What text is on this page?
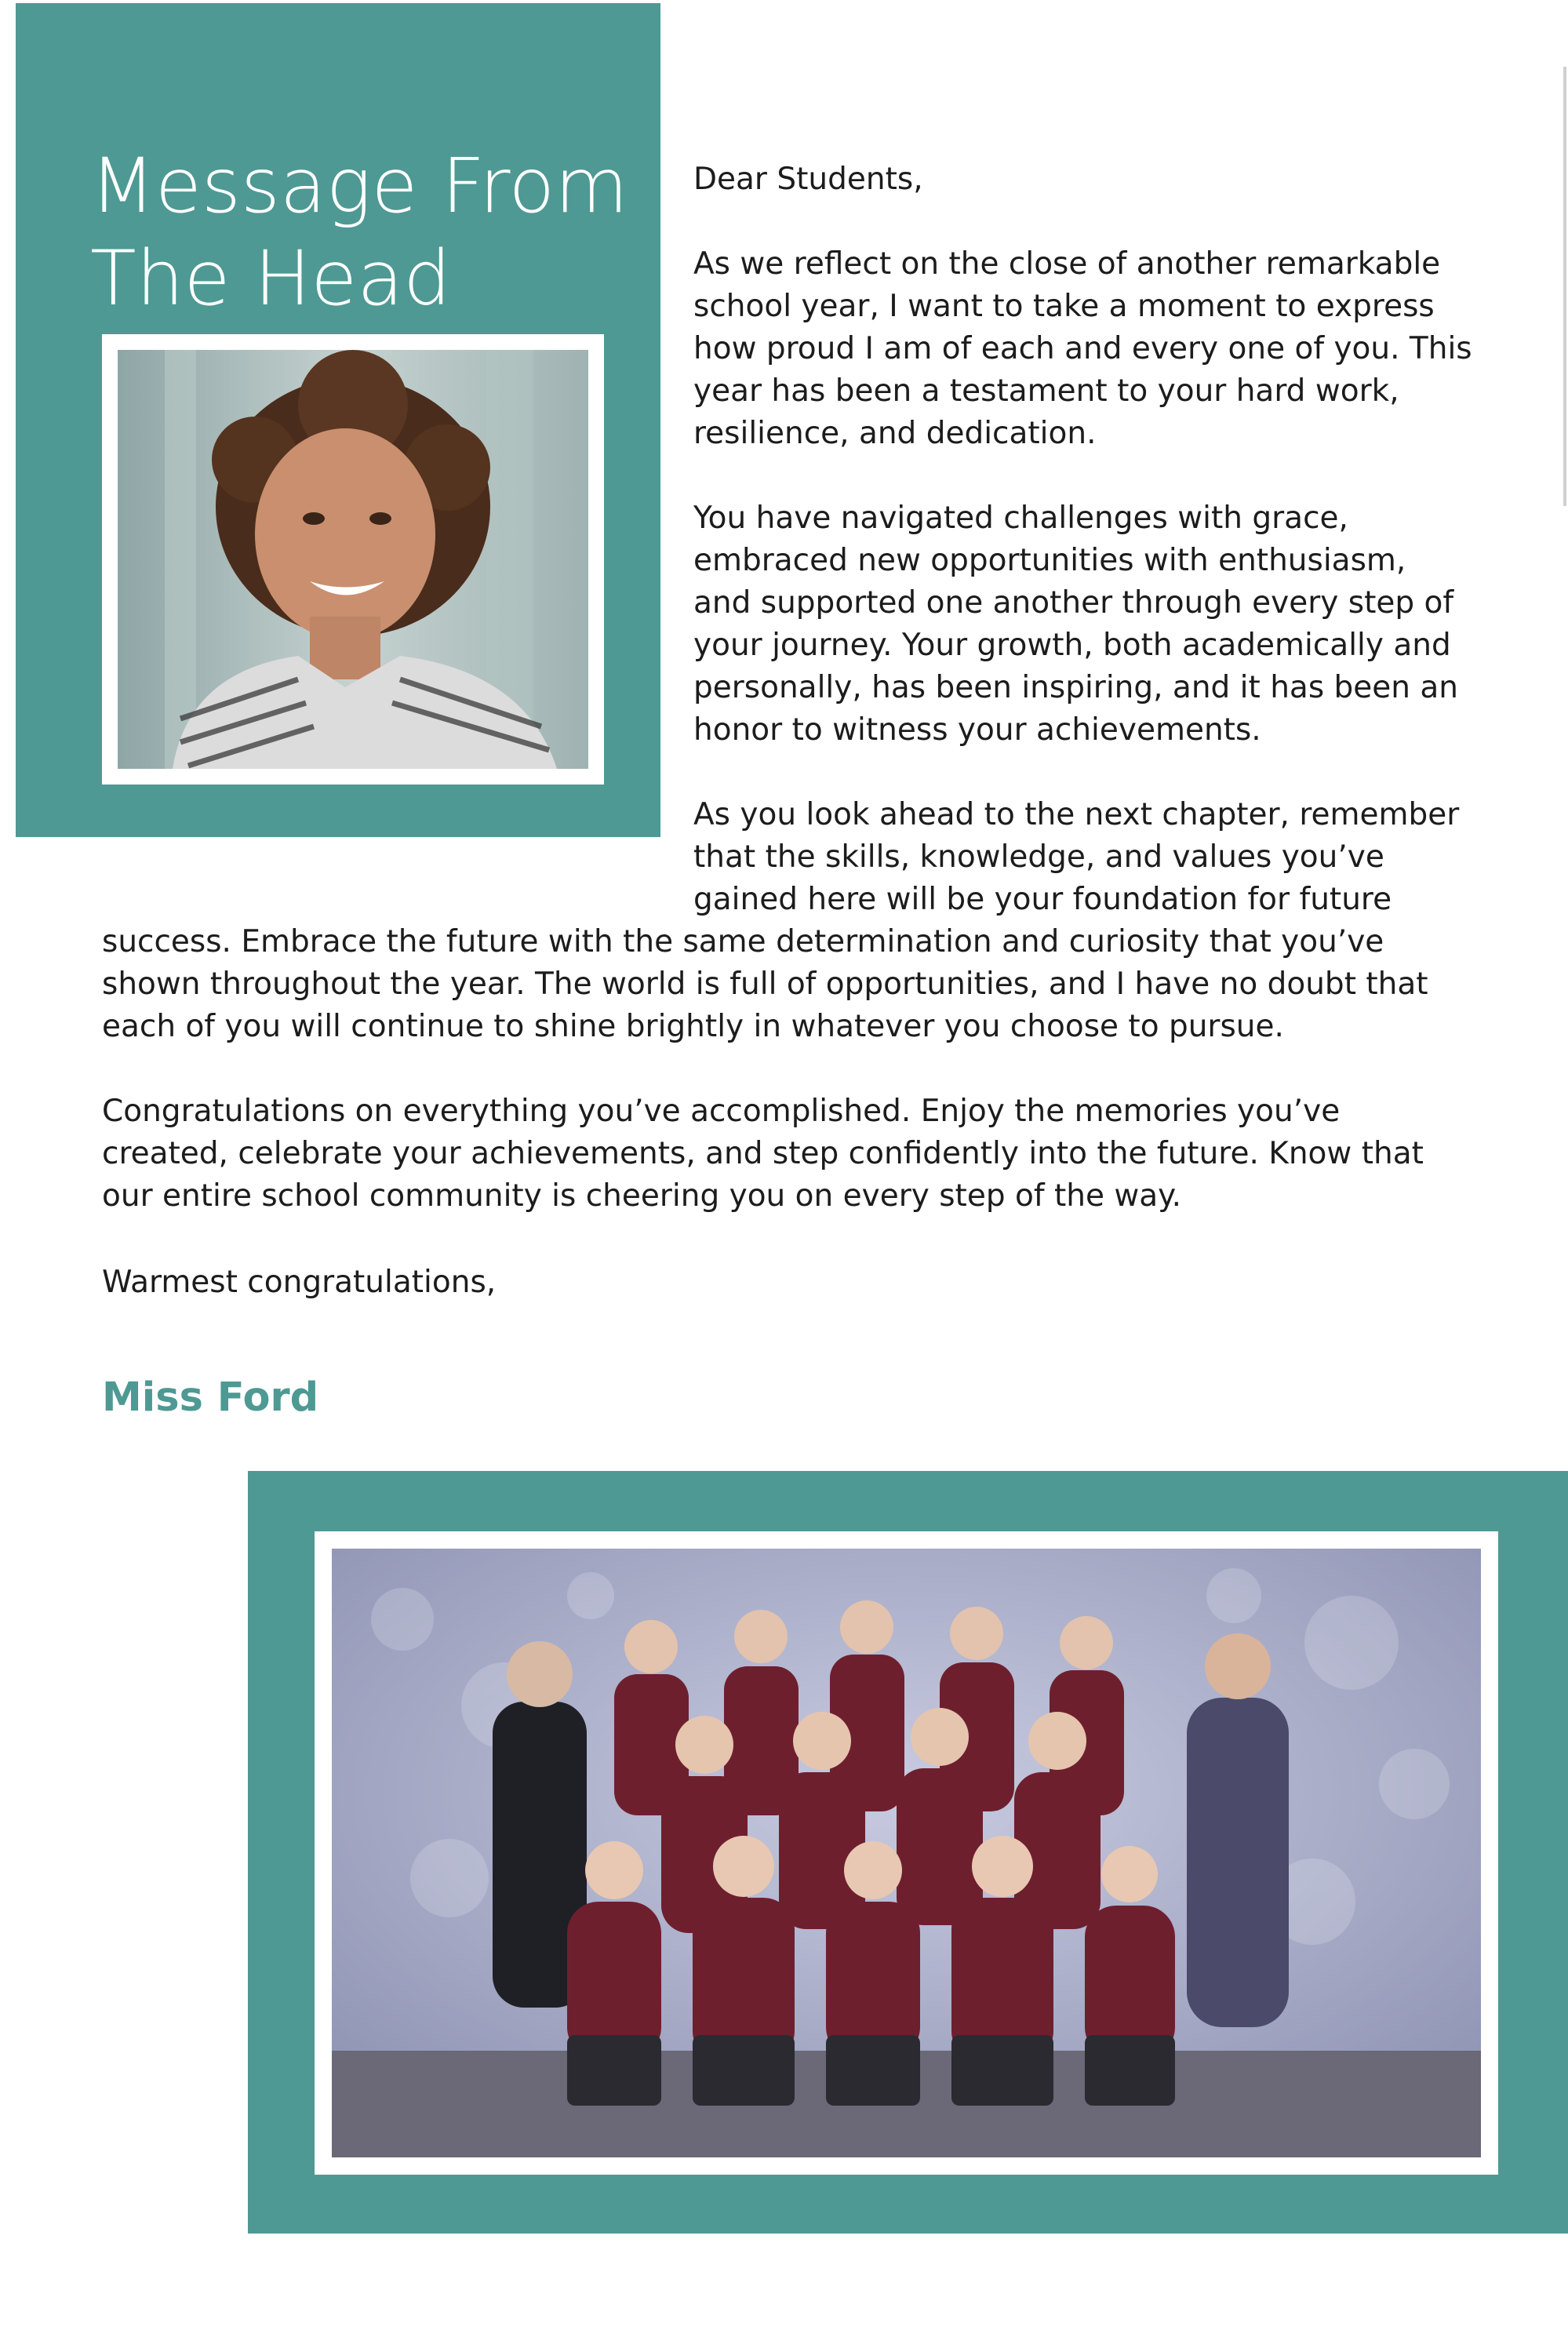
Message From
The Head

Dear Students,

As we reflect on the close of another remarkable

school year, I want to take a moment to express

how proud I am of each and every one of you. This

year has been a testament to your hard work,

resilience, and dedication.

You have navigated challenges with grace,

embraced new opportunities with enthusiasm,

and supported one another through every step of

your journey. Your growth, both academically and

personally, has been inspiring, and it has been an

honor to witness your achievements.

As you look ahead to the next chapter, remember

that the skills, knowledge, and values you’ve

gained here will be your foundation for future

success. Embrace the future with the same determination and curiosity that you’ve

shown throughout the year. The world is full of opportunities, and I have no doubt that

each of you will continue to shine brightly in whatever you choose to pursue.

Congratulations on everything you’ve accomplished. Enjoy the memories you’ve

created, celebrate your achievements, and step confidently into the future. Know that

our entire school community is cheering you on every step of the way.

Warmest congratulations,

Miss Ford
